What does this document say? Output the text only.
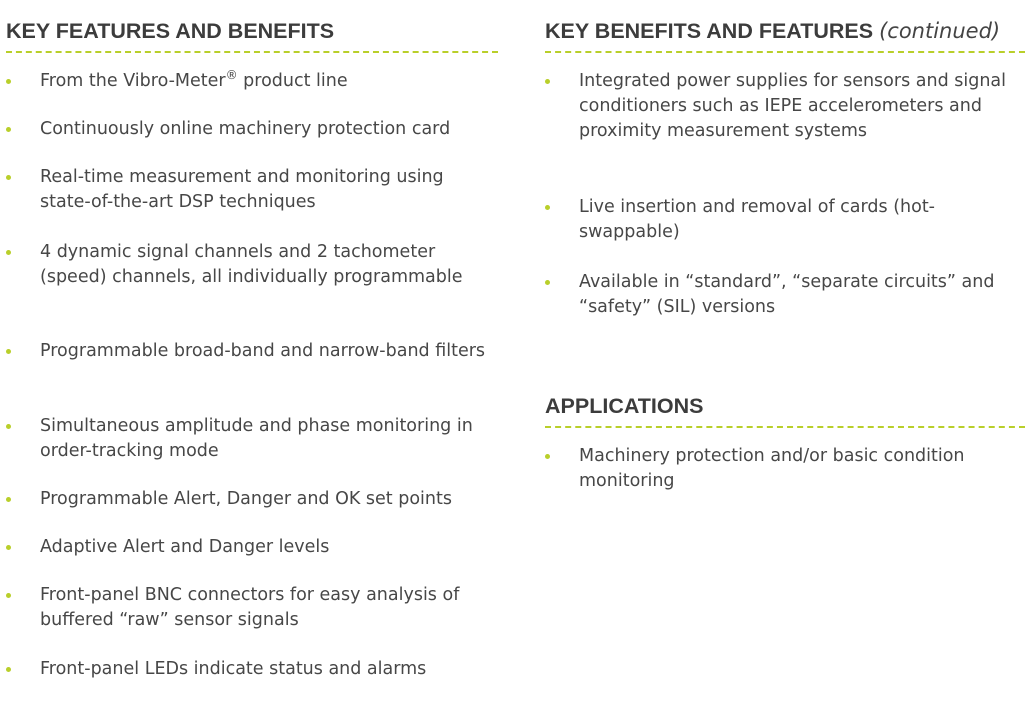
KEY FEATURES AND BENEFITS
From the Vibro-Meter® product line
Continuously online machinery protection card
Real-time measurement and monitoring using state-of-the-art DSP techniques
4 dynamic signal channels and 2 tachometer (speed) channels, all individually programmable
Programmable broad-band and narrow-band filters
Simultaneous amplitude and phase monitoring in order-tracking mode
Programmable Alert, Danger and OK set points
Adaptive Alert and Danger levels
Front-panel BNC connectors for easy analysis of buffered “raw” sensor signals
Front-panel LEDs indicate status and alarms
KEY BENEFITS AND FEATURES (continued)
Integrated power supplies for sensors and signal conditioners such as IEPE accelerometers and proximity measurement systems
Live insertion and removal of cards (hot-swappable)
Available in “standard”, “separate circuits” and “safety” (SIL) versions
APPLICATIONS
Machinery protection and/or basic condition monitoring
